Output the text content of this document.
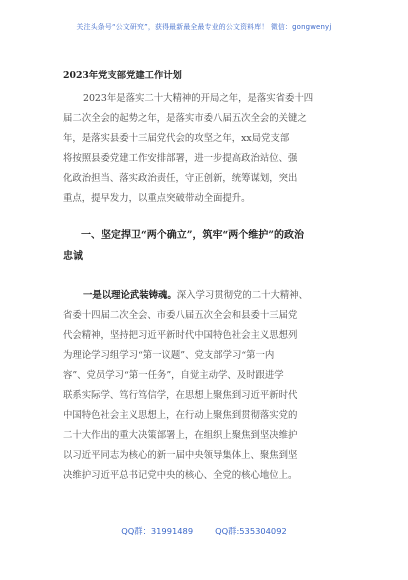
关注头条号“公文研究”，获得最新最全最专业的公文资料库！ 微信：gongwenyj
2023年党支部党建工作计划
2023年是落实二十大精神的开局之年，是落实省委十四
届二次全会的起势之年，是落实市委八届五次全会的关键之
年，是落实县委十三届党代会的攻坚之年，xx局党支部
将按照县委党建工作安排部署，进一步提高政治站位、强
化政治担当、落实政治责任，守正创新，统筹谋划，突出
重点，提早发力，以重点突破带动全面提升。
一、坚定捍卫“两个确立”，筑牢“两个维护”的政治
忠诚
一是以理论武装铸魂。深入学习贯彻党的二十大精神、
省委十四届二次全会、市委八届五次全会和县委十三届党
代会精神，坚持把习近平新时代中国特色社会主义思想列
为理论学习组学习“第一议题”、党支部学习“第一内
容”、党员学习“第一任务”，自觉主动学、及时跟进学
联系实际学、笃行笃信学，在思想上聚焦到习近平新时代
中国特色社会主义思想上，在行动上聚焦到贯彻落实党的
二十大作出的重大决策部署上，在组织上聚焦到坚决维护
以习近平同志为核心的新一届中央领导集体上、聚焦到坚
决维护习近平总书记党中央的核心、全党的核心地位上。
QQ群：31991489	QQ群:535304092
